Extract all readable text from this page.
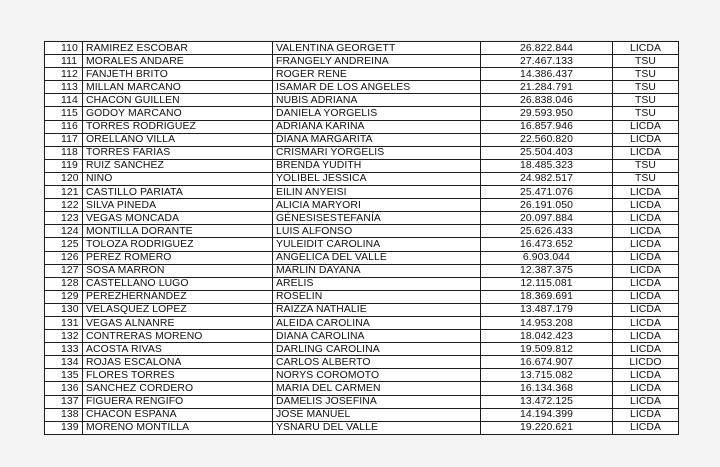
110	RAMIREZ ESCOBAR	VALENTINA GEORGETT	26.822.844	LICDA
111	MORALES ANDARE	FRANGELY ANDREINA	27.467.133	TSU
112	FANJETH BRITO	ROGER RENE	14.386.437	TSU
113	MILLAN MARCANO	ISAMAR DE LOS ANGELES	21.284.791	TSU
114	CHACON GUILLEN	NUBIS ADRIANA	26.838.046	TSU
115	GODOY MARCANO	DANIELA YORGELIS	29.593.950	TSU
116	TORRES RODRÍGUEZ	ADRIANA KARINA	16.857.946	LICDA
117	ORELLANO VILLA	DIANA MARGARITA	22.560.820	LICDA
118	TORRES FARÍAS	CRISMARI YORGELIS	25.504.403	LICDA
119	RUIZ SANCHEZ	BRENDA YUDITH	18.485.323	TSU
120	NIÑO	YOLIBEL JESSICA	24.982.517	TSU
121	CASTILLO PARIATA	EILIN ANYEISI	25.471.076	LICDA
122	SILVA PINEDA	ALICIA MARYORI	26.191.050	LICDA
123	VEGAS MONCADA	GÉNESISESTEFANÍA	20.097.884	LICDA
124	MONTILLA DORANTE	LUIS ALFONSO	25.626.433	LICDA
125	TOLOZA RODRIGUEZ	YULEIDIT CAROLINA	16.473.652	LICDA
126	PÉREZ ROMERO	ANGELICA DEL VALLE	6.903.044	LICDA
127	SOSA MARRÓN	MARLIN DAYANA	12.387.375	LICDA
128	CASTELLANO LUGO	ARELIS	12.115.081	LICDA
129	PÉREZHERNÁNDEZ	ROSELIN	18.369.691	LICDA
130	VELASQUEZ LOPEZ	RAIZZA NATHALIE	13.487.179	LICDA
131	VEGAS ALNANRE	ALEIDA CAROLINA	14.953.208	LICDA
132	CONTRERAS MORENO	DIANA CAROLINA	18.042.423	LICDA
133	ACOSTA RIVAS	DARLING CAROLINA	19.509.812	LICDA
134	ROJAS ESCALONA	CARLOS ALBERTO	16.674.907	LICDO
135	FLORES TORRES	NORYS COROMOTO	13.715.082	LICDA
136	SANCHEZ CORDERO	MARIA DEL CARMEN	16.134.368	LICDA
137	FIGUERA RENGIFO	DAMELIS JOSEFINA	13.472.125	LICDA
138	CHACON ESPAÑA	JOSE MANUEL	14.194.399	LICDA
139	MORENO MONTILLA	YSNARU DEL VALLE	19.220.621	LICDA
